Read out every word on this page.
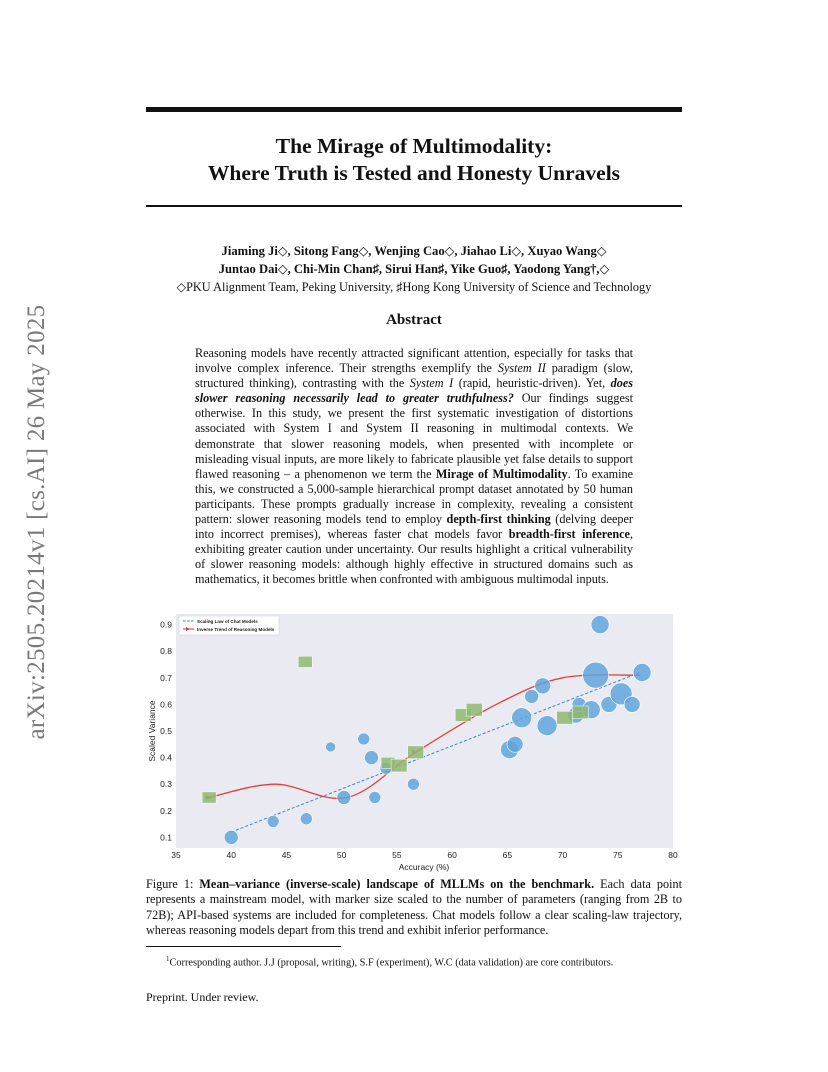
arXiv:2505.20214v1 [cs.AI] 26 May 2025
The Mirage of Multimodality:
Where Truth is Tested and Honesty Unravels
Jiaming Ji◇, Sitong Fang◇, Wenjing Cao◇, Jiahao Li◇, Xuyao Wang◇
Juntao Dai◇, Chi-Min Chan♯, Sirui Han♯, Yike Guo♯, Yaodong Yang†,◇
◇PKU Alignment Team, Peking University, ♯Hong Kong University of Science and Technology
Abstract
Reasoning models have recently attracted significant attention, especially for tasks that involve complex inference. Their strengths exemplify the System II paradigm (slow, structured thinking), contrasting with the System I (rapid, heuristic-driven). Yet, does slower reasoning necessarily lead to greater truthfulness? Our findings suggest otherwise. In this study, we present the first systematic investigation of distortions associated with System I and System II reasoning in multimodal contexts. We demonstrate that slower reasoning models, when presented with incomplete or misleading visual inputs, are more likely to fabricate plausible yet false details to support flawed reasoning – a phenomenon we term the Mirage of Multimodality. To examine this, we constructed a 5,000-sample hierarchical prompt dataset annotated by 50 human participants. These prompts gradually increase in complexity, revealing a consistent pattern: slower reasoning models tend to employ depth-first thinking (delving deeper into incorrect premises), whereas faster chat models favor breadth-first inference, exhibiting greater caution under uncertainty. Our results highlight a critical vulnerability of slower reasoning models: although highly effective in structured domains such as mathematics, it becomes brittle when confronted with ambiguous multimodal inputs.
35	40	45	50	55	60	65	70	75	80
0.1
0.2
0.3
0.4
0.5
0.6
0.7
0.8
0.9	Scaling Law of Chat Models
Inverse Trend of Reasoning Models
Accuracy (%)
Scaled Variance
Figure 1: Mean–variance (inverse-scale) landscape of MLLMs on the benchmark. Each data point represents a mainstream model, with marker size scaled to the number of parameters (ranging from 2B to 72B); API-based systems are included for completeness. Chat models follow a clear scaling-law trajectory, whereas reasoning models depart from this trend and exhibit inferior performance.
$^1$Corresponding author. J.J (proposal, writing), S.F (experiment), W.C (data validation) are core contributors.
Preprint. Under review.
